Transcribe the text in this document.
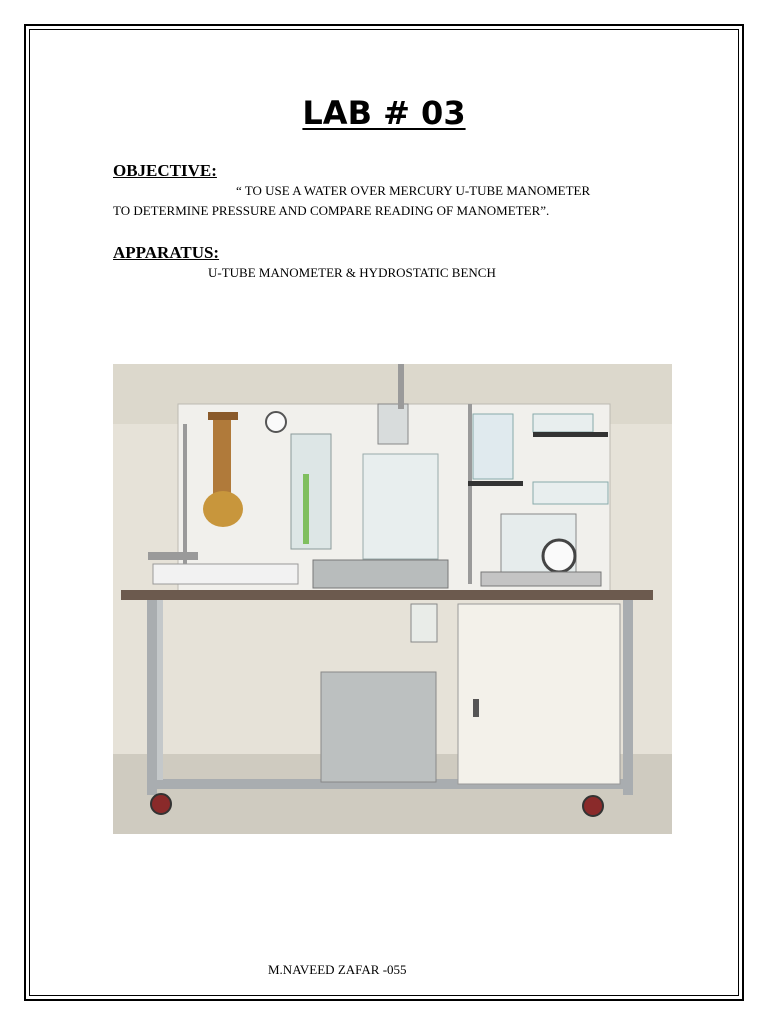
LAB # 03
OBJECTIVE:
“ TO USE A WATER OVER MERCURY U-TUBE MANOMETER
TO DETERMINE PRESSURE AND COMPARE READING OF MANOMETER”.
APPARATUS:
U-TUBE MANOMETER & HYDROSTATIC BENCH
M.NAVEED ZAFAR -055
